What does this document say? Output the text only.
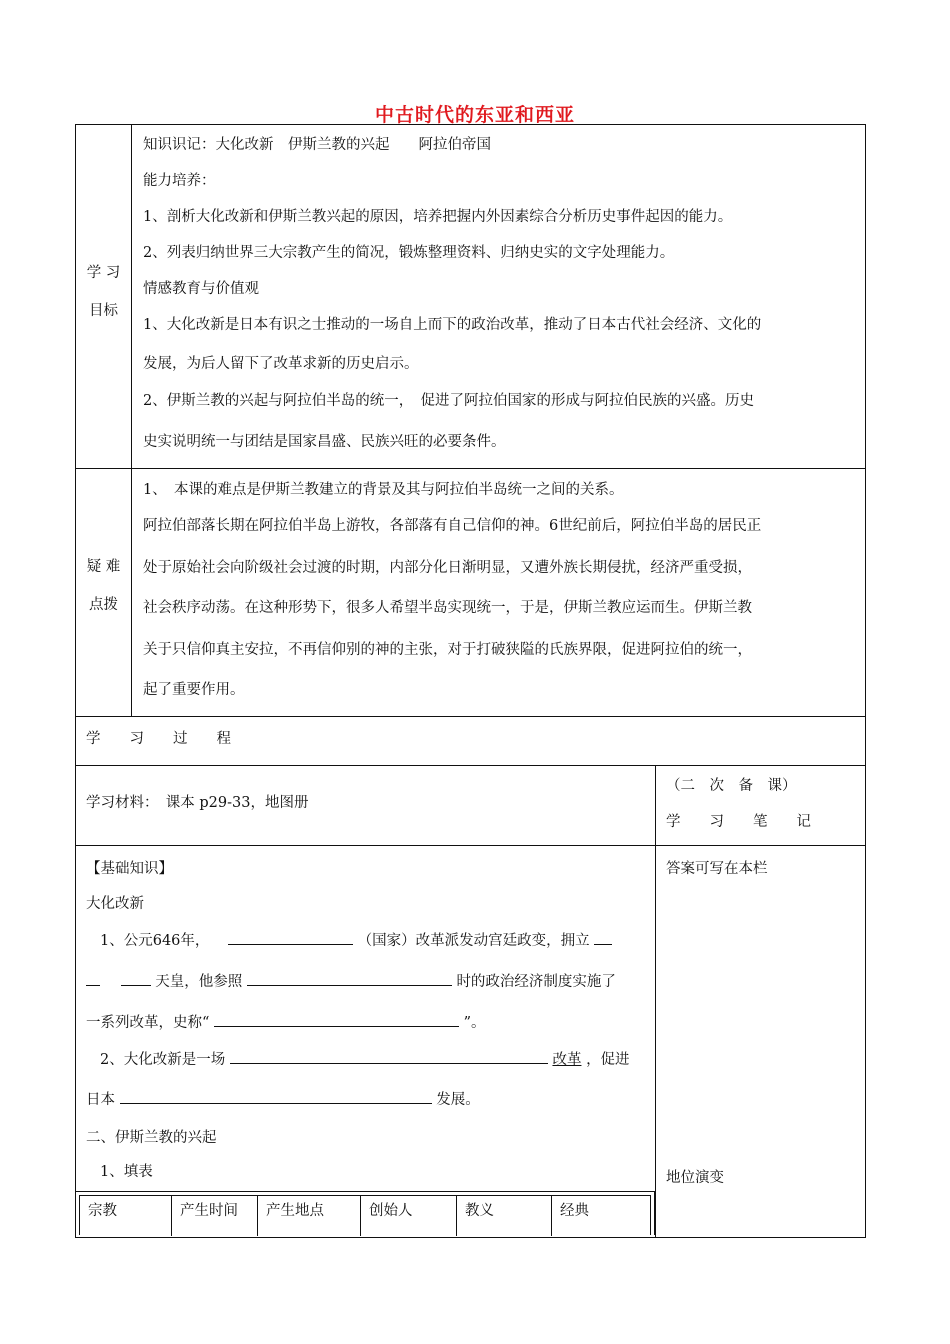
中古时代的东亚和西亚
学 习
目标
知识识记：大化改新　伊斯兰教的兴起　　阿拉伯帝国
能力培养：
1、剖析大化改新和伊斯兰教兴起的原因，培养把握内外因素综合分析历史事件起因的能力。
2、列表归纳世界三大宗教产生的简况，锻炼整理资料、归纳史实的文字处理能力。
情感教育与价值观
1、大化改新是日本有识之士推动的一场自上而下的政治改革，推动了日本古代社会经济、文化的
发展，为后人留下了改革求新的历史启示。
2、伊斯兰教的兴起与阿拉伯半岛的统一，　促进了阿拉伯国家的形成与阿拉伯民族的兴盛。历史
史实说明统一与团结是国家昌盛、民族兴旺的必要条件。
疑 难
点拨
1、　本课的难点是伊斯兰教建立的背景及其与阿拉伯半岛统一之间的关系。
阿拉伯部落长期在阿拉伯半岛上游牧，各部落有自己信仰的神。6世纪前后，阿拉伯半岛的居民正
处于原始社会向阶级社会过渡的时期，内部分化日渐明显，又遭外族长期侵扰，经济严重受损，
社会秩序动荡。在这种形势下，很多人希望半岛实现统一，于是，伊斯兰教应运而生。伊斯兰教
关于只信仰真主安拉，不再信仰别的神的主张，对于打破狭隘的氏族界限，促进阿拉伯的统一，
起了重要作用。
学　　习　　过　　程
学习材料：　课本 p29-33，地图册
（二　次　备　课）
学　　习　　笔　　记
【基础知识】
大化改新
1、公元646年，	（国家）改革派发动宫廷政变，拥立
天皇，他参照	时的政治经济制度实施了
一系列改革，史称“	”。
2、大化改新是一场	改革 ，促进
日本	发展。
二、伊斯兰教的兴起
1、填表
宗教	产生时间	产生地点	创始人	教义	经典
答案可写在本栏
地位演变
